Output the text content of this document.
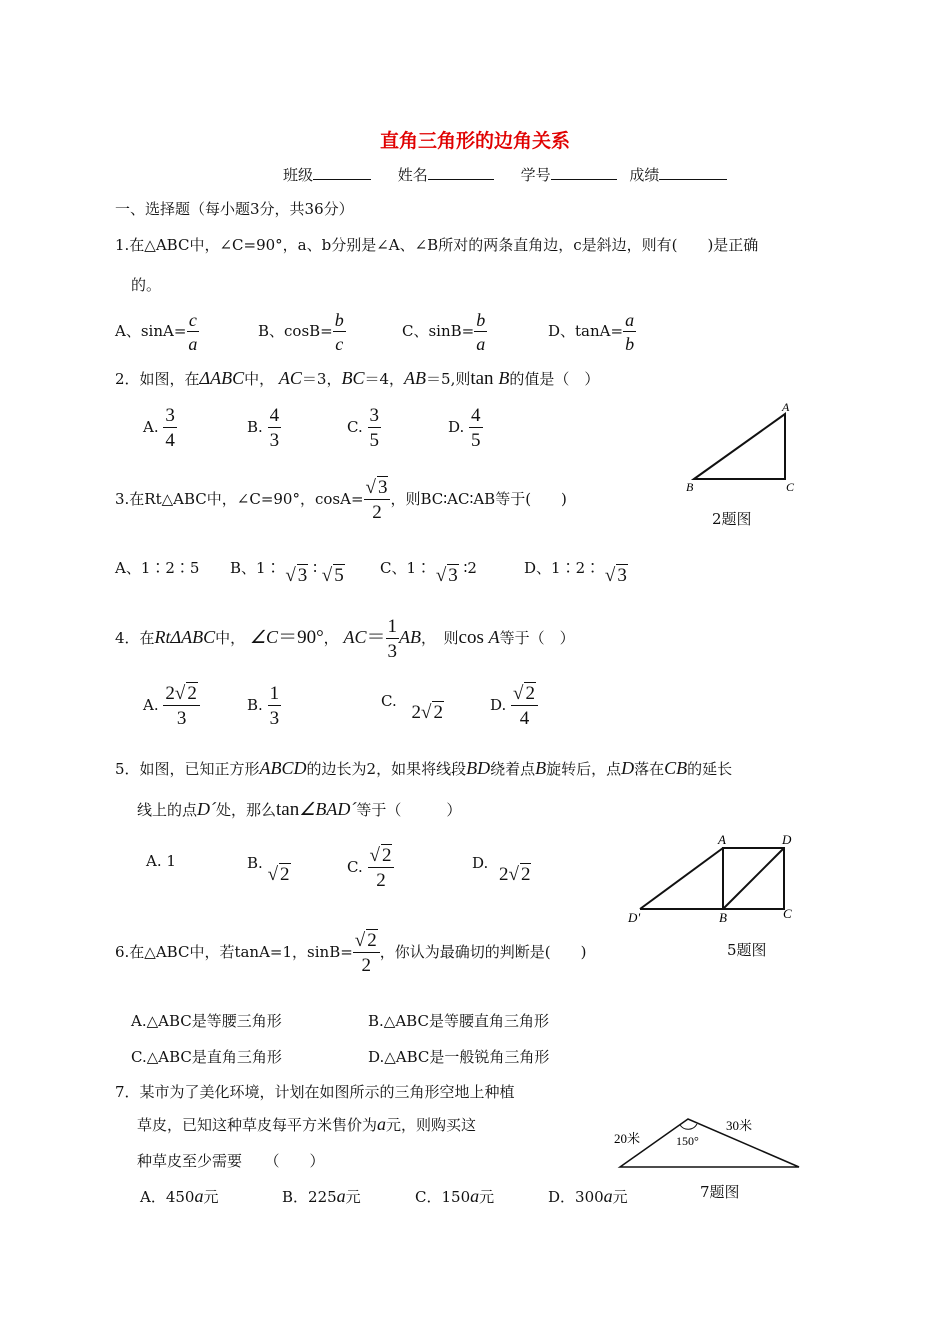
直角三角形的边角关系
班级	姓名	学号	成绩
一、选择题（每小题3分，共36分）
1.在△ABC中，∠C=90°，a、b分别是∠A、∠B所对的两条直角边，c是斜边，则有(　　)是正确
的。
A、$\sin A= \frac{c}{a}$	B、$\cos B= \frac{b}{c}$	C、$\sin B= \frac{b}{a}$	D、$\tan A= \frac{a}{b}$
2．如图，在ΔABC中， AC＝3，BC＝4，AB＝5,则tan B的值是（　）
A. $\frac{3}{4}$	B. $\frac{4}{3}$	C. $\frac{3}{5}$	D. $\frac{4}{5}$	A
B	C
2题图
3.在Rt△ABC中，∠C=90°，$\cos A= \frac{√ 3}{2}$ ，则BC∶AC∶AB等于(　　)
A、1∶2∶5 B、1∶ √ 3 ∶ √ 5 C、1∶ √ 3 ∶2	D、1∶2∶ √ 3
4．在RtΔABC中， ∠C＝90°， $AC= \frac{1}{3}$ AB，　则cos A等于（　）
A. $\frac{2√ 2}{3}$	B. $\frac{1}{3}$	C. 2√ 2	D. $\frac{√ 2}{4}$
5．如图，已知正方形ABCD的边长为2，如果将线段BD绕着点B旋转后，点D落在CB的延长
线上的点D´处，那么tan∠BAD´等于（　　　）
A. 1	B. √ 2	C. $\frac{√ 2}{2}$	D. 2√ 2
A	D
D'	B	C
5题图
6.在△ABC中，若tanA=1，$\sin B= \frac{√ 2}{2}$ ，你认为最确切的判断是(　　)
A.△ABC是等腰三角形	B.△ABC是等腰直角三角形
C.△ABC是直角三角形	D.△ABC是一般锐角三角形
7．某市为了美化环境，计划在如图所示的三角形空地上种植
草皮，已知这种草皮每平方米售价为a元，则购买这
种草皮至少需要　　（　　）
A．450a元	B．225a元	C．150a元	D．300a元
20米
30米
150°
7题图
